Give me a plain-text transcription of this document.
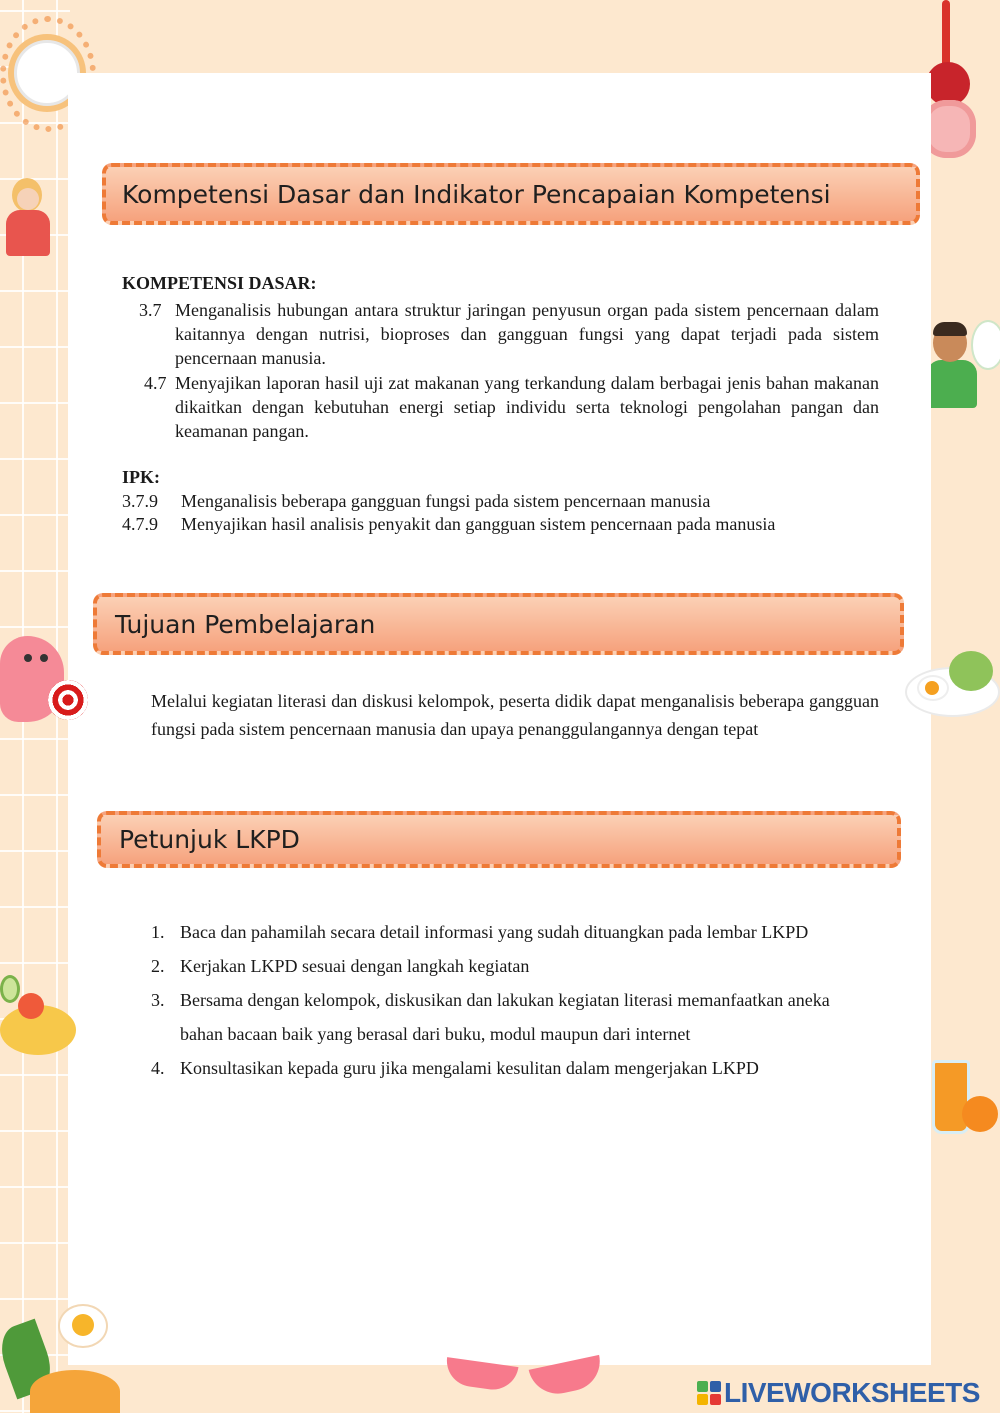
Kompetensi Dasar dan Indikator Pencapaian Kompetensi
KOMPETENSI DASAR:
3.7 Menganalisis hubungan antara struktur jaringan penyusun organ pada sistem pencernaan dalam kaitannya dengan nutrisi, bioproses dan gangguan fungsi yang dapat terjadi pada sistem pencernaan manusia.
4.7 Menyajikan laporan hasil uji zat makanan yang terkandung dalam berbagai jenis bahan makanan dikaitkan dengan kebutuhan energi setiap individu serta teknologi pengolahan pangan dan keamanan pangan.
IPK:
3.7.9 Menganalisis beberapa gangguan fungsi pada sistem pencernaan manusia
4.7.9 Menyajikan hasil analisis penyakit dan gangguan sistem pencernaan pada manusia
Tujuan Pembelajaran

Melalui kegiatan literasi dan diskusi kelompok, peserta didik dapat menganalisis beberapa gangguan fungsi pada sistem pencernaan manusia dan upaya penanggulangannya dengan tepat

Petunjuk LKPD
1. Baca dan pahamilah secara detail informasi yang sudah dituangkan pada lembar LKPD
2. Kerjakan LKPD sesuai dengan langkah kegiatan
3. Bersama dengan kelompok, diskusikan dan lakukan kegiatan literasi memanfaatkan aneka bahan bacaan baik yang berasal dari buku, modul maupun dari internet
4. Konsultasikan kepada guru jika mengalami kesulitan dalam mengerjakan LKPD
LIVEWORKSHEETS
